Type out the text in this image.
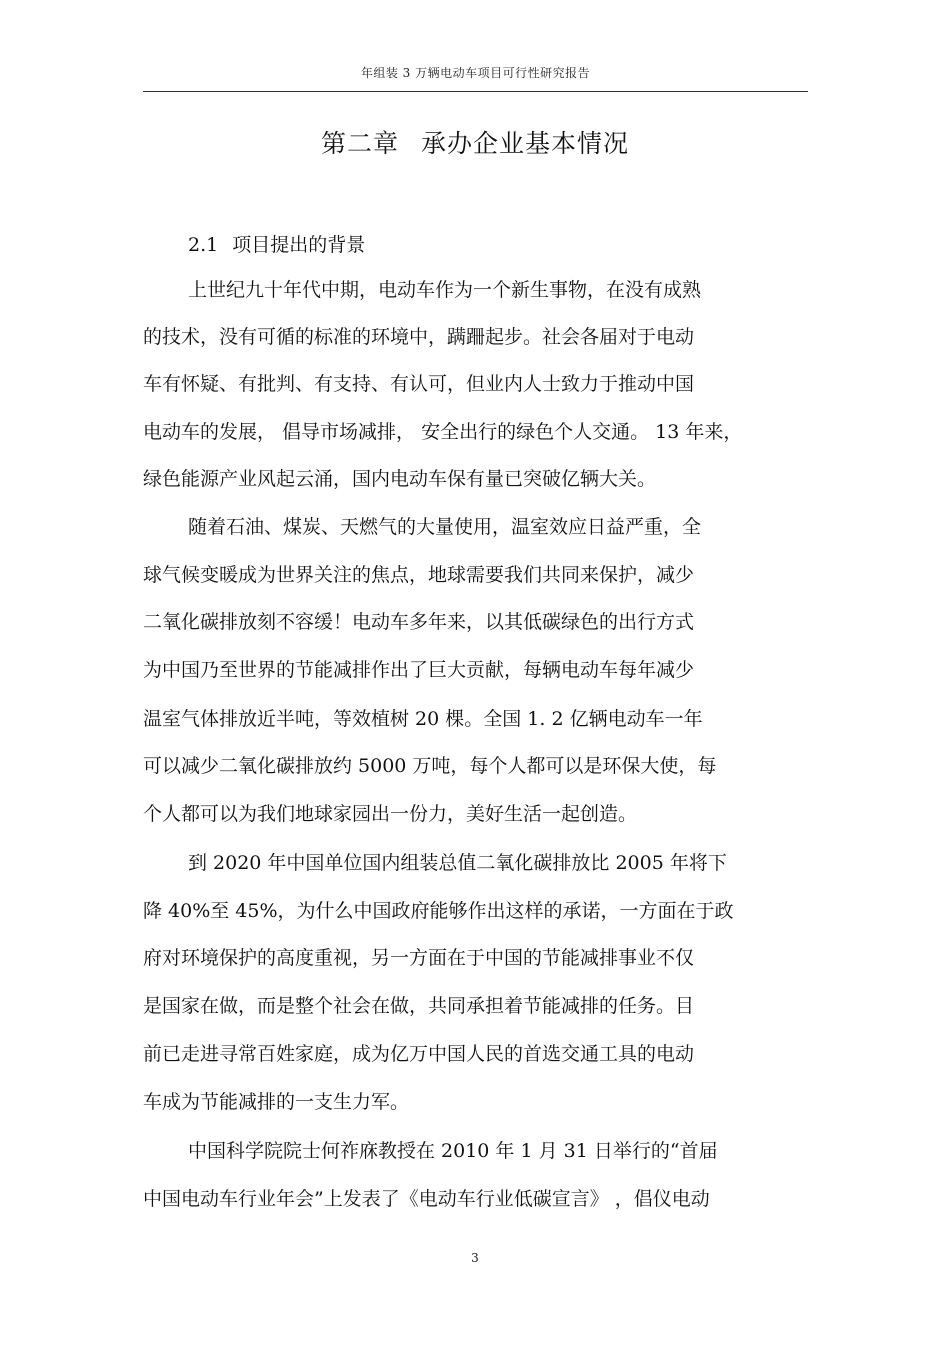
年组装 3 万辆电动车项目可行性研究报告
第二章 承办企业基本情况
2.1 项目提出的背景
上世纪九十年代中期，电动车作为一个新生事物，在没有成熟
的技术，没有可循的标准的环境中，蹒跚起步。社会各届对于电动
车有怀疑、有批判、有支持、有认可，但业内人士致力于推动中国
电动车的发展， 倡导市场减排， 安全出行的绿色个人交通。 13 年来，
绿色能源产业风起云涌，国内电动车保有量已突破亿辆大关。
随着石油、煤炭、天燃气的大量使用，温室效应日益严重，全
球气候变暖成为世界关注的焦点，地球需要我们共同来保护，减少
二氧化碳排放刻不容缓！电动车多年来，以其低碳绿色的出行方式
为中国乃至世界的节能减排作出了巨大贡献，每辆电动车每年减少
温室气体排放近半吨，等效植树 20 棵。全国 1. 2 亿辆电动车一年
可以减少二氧化碳排放约 5000 万吨，每个人都可以是环保大使，每
个人都可以为我们地球家园出一份力，美好生活一起创造。
到 2020 年中国单位国内组装总值二氧化碳排放比 2005 年将下
降 40%至 45%，为什么中国政府能够作出这样的承诺，一方面在于政
府对环境保护的高度重视，另一方面在于中国的节能减排事业不仅
是国家在做，而是整个社会在做，共同承担着节能减排的任务。目
前已走进寻常百姓家庭，成为亿万中国人民的首选交通工具的电动
车成为节能减排的一支生力军。
中国科学院院士何祚庥教授在 2010 年 1 月 31 日举行的“首届
中国电动车行业年会”上发表了《电动车行业低碳宣言》 ，倡仪电动
3
